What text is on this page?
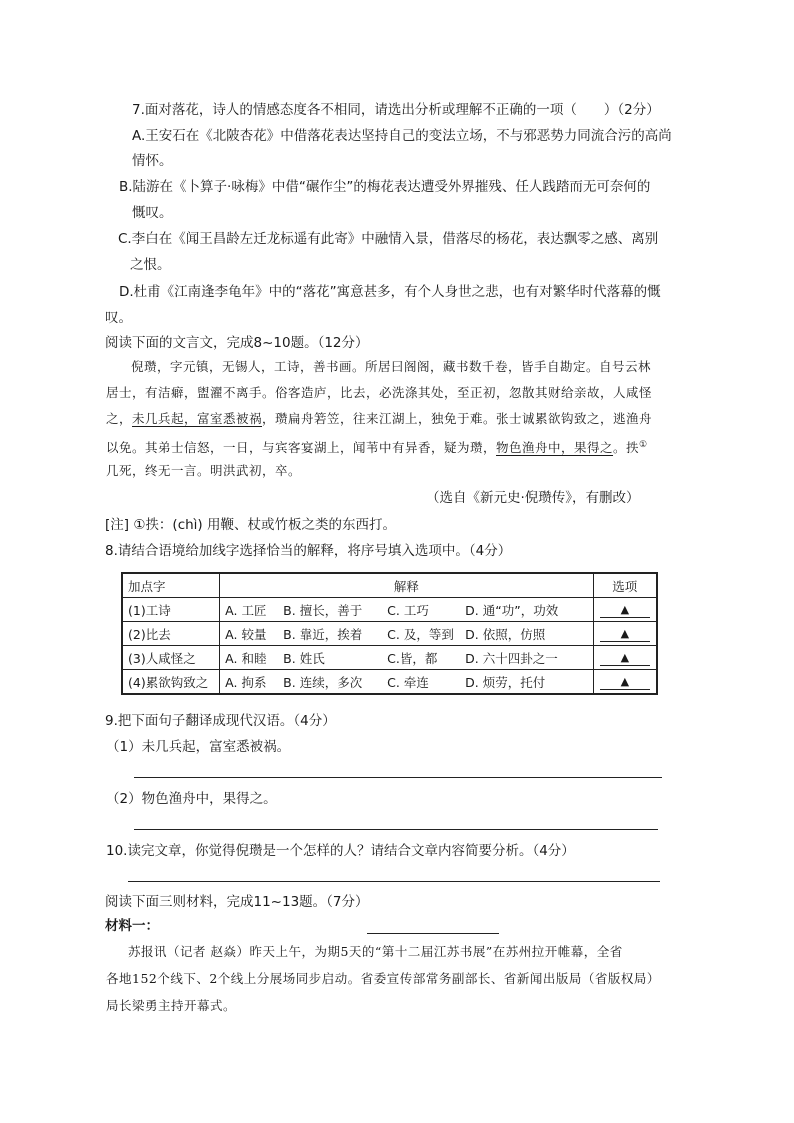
7.面对落花，诗人的情感态度各不相同，请选出分析或理解不正确的一项（　　）（2分）
A.王安石在《北陂杏花》中借落花表达坚持自己的变法立场，不与邪恶势力同流合污的高尚
情怀。
B.陆游在《卜算子·咏梅》中借“碾作尘”的梅花表达遭受外界摧残、任人践踏而无可奈何的
慨叹。
C.李白在《闻王昌龄左迁龙标遥有此寄》中融情入景，借落尽的杨花，表达飘零之感、离别
之恨。
D.杜甫《江南逢李龟年》中的“落花”寓意甚多，有个人身世之悲，也有对繁华时代落幕的慨
叹。
阅读下面的文言文，完成8~10题。（12分）
倪瓒，字元镇，无锡人，工诗，善书画。所居曰阁阁，藏书数千卷，皆手自勘定。自号云林
居士，有洁癖，盥濯不离手。俗客造庐，比去，必洗涤其处，至正初，忽散其财给亲故，人咸怪
之，未几兵起，富室悉被祸，瓒扁舟箬笠，往来江湖上，独免于难。张士诚累欲钩致之，逃渔舟
以免。其弟士信怒，一日，与宾客宴湖上，闻苇中有异香，疑为瓒，物色渔舟中，果得之。抶①
几死，终无一言。明洪武初，卒。
（选自《新元史·倪瓒传》，有删改）
[注] ①抶：(chì) 用鞭、杖或竹板之类的东西打。
8.请结合语境给加线字选择恰当的解释，将序号填入选项中。（4分）
加点字	解释	选项
(1)工诗	A. 工匠 B. 擅长，善于 C. 工巧 D. 通“功”，功效	▲
(2)比去	A. 较量 B. 靠近，挨着 C. 及，等到 D. 依照，仿照	▲
(3)人咸怪之	A. 和睦 B. 姓氏 C.皆，都 D. 六十四卦之一	▲
(4)累欲钩致之	A. 拘系 B. 连续，多次 C. 牵连 D. 烦劳，托付	▲
9.把下面句子翻译成现代汉语。（4分）
（1）未几兵起，富室悉被祸。
（2）物色渔舟中，果得之。
10.读完文章，你觉得倪瓒是一个怎样的人？请结合文章内容简要分析。（4分）
阅读下面三则材料，完成11~13题。（7分）
材料一：
苏报讯（记者 赵焱）昨天上午，为期5天的“第十二届江苏书展”在苏州拉开帷幕，全省
各地152个线下、2个线上分展场同步启动。省委宣传部常务副部长、省新闻出版局（省版权局）
局长梁勇主持开幕式。
